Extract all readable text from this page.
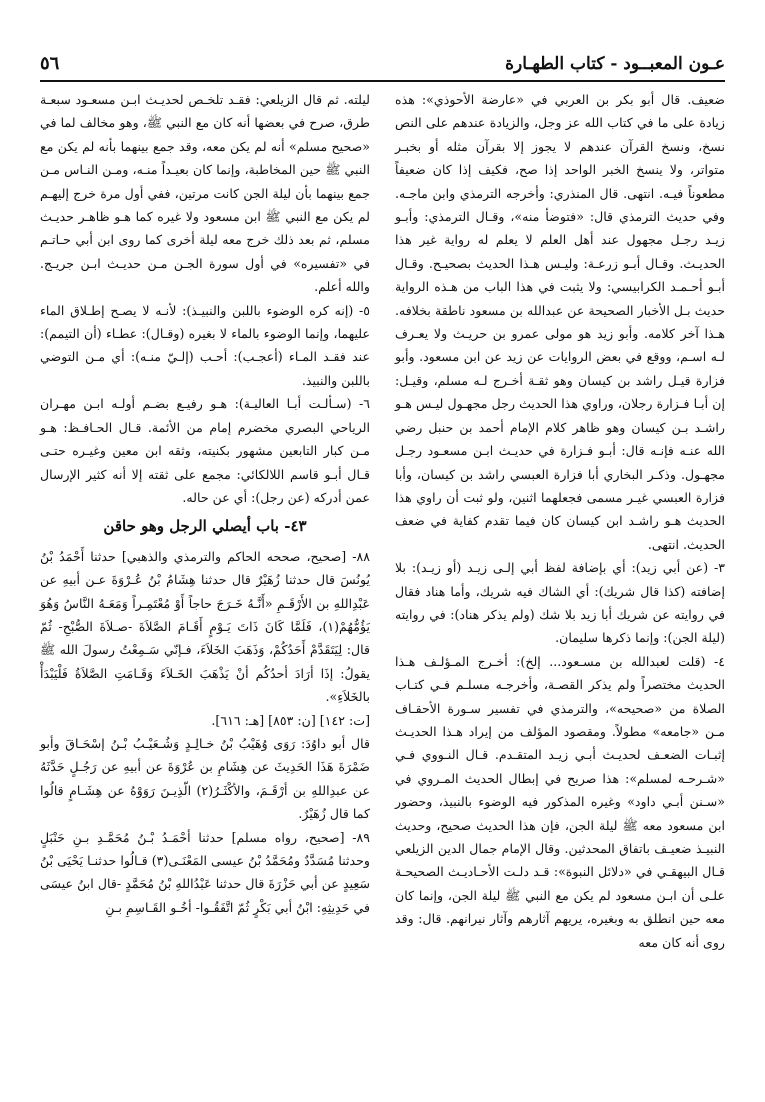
عـون المعبــود - كتاب الطهـارة
٥٦

ضعيف. قال أبو بكر بن العربي في «عارضة الأحوذي»: هذه زيادة على ما في كتاب الله عز وجل، والزيادة عندهم على النص نسخ، ونسخ القرآن عندهم لا يجوز إلا بقرآن مثله أو بخبـر متواتر، ولا ينسخ الخبر الواحد إذا صح، فكيف إذا كان ضعيفاً مطعوناً فيـه. انتهى. قال المنذري: وأخرجه الترمذي وابن ماجـه. وفي حديث الترمذي قال: «فتوضأ منه»، وقـال الترمذي: وأبـو زيـد رجـل مجهول عند أهل العلم لا يعلم له رواية غير هذا الحديـث. وقـال أبـو زرعـة: وليـس هـذا الحديث بصحيـح. وقـال أبـو أحـمـد الكرابيسي: ولا يثبت في هذا الباب من هـذه الرواية حديث بـل الأخبار الصحيحة عن عبدالله بن مسعود ناطقة بخلافه. هـذا آخر كلامه. وأبو زيد هو مولى عمرو بن حريـث ولا يعـرف لـه اسـم، ووقع في بعض الروايات عن زيد عن ابن مسعود. وأبو فزارة قيـل راشد بن كيسان وهو ثقـة أخـرج لـه مسلم، وقيـل: إن أبـا فـزارة رجلان، وراوي هذا الحديث رجل مجهـول ليـس هـو راشـد بـن كيسان وهو ظاهر كلام الإمام أحمد بن حنبل رضي الله عنـه فإنـه قال: أبـو فـزارة في حديـث ابـن مسعـود رجـل مجهـول. وذكـر البخاري أبا فزارة العبسي راشد بن كيسان، وأبا فزارة العبسي غيـر مسمى فجعلهما اثنين، ولو ثبت أن راوي هذا الحديث هـو راشـد ابن كيسان كان فيما تقدم كفاية في ضعف الحديث. انتهى.

٣- (عن أبي زيد): أي بإضافة لفظ أبي إلـى زيـد (أو زيـد): بلا إضافته (كذا قال شريك): أي الشاك فيه شريك، وأما هناد فقال في روايته عن شريك أبا زيد بلا شك (ولم يذكر هناد): في روايته (ليلة الجن): وإنما ذكرها سليمان.

٤- (قلت لعبدالله بن مسـعود... إلخ): أخـرج المـؤلـف هـذا الحديث مختصراً ولم يذكر القصـة، وأخرجـه مسلـم فـي كتـاب الصلاة من «صحيحه»، والترمذي في تفسير سـورة الأحقـاف مـن «جامعه» مطولاً. ومقصود المؤلف من إيراد هـذا الحديـث إثبـات الضعـف لحديـث أبـي زيـد المتقـدم. قـال النـووي فـي «شـرحـه لمسلم»: هذا صريح في إبطال الحديث المـروي في «سـنن أبـي داود» وغيره المذكور فيه الوضوء بالنبيذ، وحضور ابن مسعود معه ﷺ ليلة الجن، فإن هذا الحديث صحيح، وحديث النبيـذ ضعيـف باتفاق المحدثين. وقال الإمام جمال الدين الزيلعي قـال البيهقـي في «دلائل النبوة»: قـد دلـت الأحـاديـث الصحيحـة علـى أن ابـن مسعود لم يكن مع النبي ﷺ ليلة الجن، وإنما كان معه حين انطلق به وبغيره، يريهم آثارهم وآثار نيرانهم. قال: وقد روى أنه كان معه

ليلته. ثم قال الزيلعي: فقـد تلخـص لحديـث ابـن مسعـود سبعـة طرق، صرح في بعضها أنه كان مع النبي ﷺ، وهو مخالف لما في «صحيح مسلم» أنه لم يكن معه، وقد جمع بينهما بأنه لم يكن مع النبي ﷺ حين المخاطبة، وإنما كان بعيـداً منـه، ومـن النـاس مـن جمع بينهما بأن ليلة الجن كانت مرتين، ففي أول مرة خرج إليهـم لم يكن مع النبي ﷺ ابن مسعود ولا غيره كما هـو ظاهـر حديـث مسلم، ثم بعد ذلك خرج معه ليلة أخرى كما روى ابن أبي حـاتـم في «تفسيره» في أول سورة الجـن مـن حديـث ابـن جريـج. والله أعلم.

٥- (إنه كره الوضوء باللبن والنبيـذ): لأنـه لا يصـح إطـلاق الماء عليهما، وإنما الوضوء بالماء لا بغيره (وقـال): عطـاء (أن التيمم): عند فقـد المـاء (أعجـب): أحـب (إلـيّ منـه): أي مـن التوضي باللبن والنبيذ.

٦- (سـألـت أبـا العاليـة): هـو رفيـع بضـم أولـه ابـن مهـران الرياحي البصري مخضرم إمام من الأئمة. قـال الحـافـظ: هـو مـن كبار التابعين مشهور بكنيته، وثقه ابن معين وغيـره حتـى قـال أبـو قاسم اللالكائي: مجمع على ثقته إلا أنه كثير الإرسال عمن أدركه (عن رجل): أي عن حاله.

٤٣- باب أيصلي الرجل وهو حاقن

٨٨- [صحيح، صححه الحاكم والترمذي والذهبي] حدثنا أَحْمَدُ بْنُ يُونُسَ قال حدثنا زُهَيْرٌ قال حدثنا هِشَامُ بْنُ عُـرْوَةَ عـن أبيهِ عن عَبْدِاللهِ بن الأَرْقَـمِ «أَنَّـهُ خَـرَجَ حاجاً أَوْ مُعْتَمِـراً وَمَعَـهُ النَّاسُ وَهُوَ يَؤُمُّهُمْ(١)، فَلَمَّا كَانَ ذَاتَ يَـوْمٍ أَقَـامَ الصَّلاَةَ -صـلاَةَ الصُّبْحِ- ثُمّ قال: لِيَتَقَدَّمْ أَحَدُكُمْ، وَذَهَبَ الخَلاَءَ، فـإنّي سَـمِعْتُ رسولَ الله ﷺ يقولُ: إذَا أرَادَ أحدُكُم أنْ يَذْهَبَ الخَـلاَءَ وَقَـامَتِ الصَّلاَةُ فَلْيَبْدَأْ بالخَلاَءِ».

[ت: ١٤٢] [ن: ٨٥٣] [هـ: ٦١٦].

قال أبو داوُدَ: رَوَى وُهَيْبُ بْنُ خـالِـدٍ وَشُـعَيْـبُ بْـنُ إسْحَـاقَ وأبو ضَمْرَةَ هَذَا الحَدِيثَ عن هِشَامِ بن عُرْوَةَ عن أبيهِ عن رَجُـلٍ حَدَّثَهُ عن عبدِاللهِ بن أرْقَـمَ، والأكْثَـرُ(٢) الّذِيـنَ رَوَوْهُ عن هِشَـامٍ قالُوا كما قال زُهَيْرٌ.

٨٩- [صحيح، رواه مسلم] حدثنا أحْمَـدُ بْـنُ مُحَمَّـدِ بـنِ حَنْبَلٍ وحدثنا مُسَدَّدٌ ومُحَمَّدُ بْنُ عيسى المَعْنَـى(٣) قـالُوا حدثنـا يَحْيَى بْنُ سَعِيدٍ عن أبي حَزْرَةَ قال حدثنا عَبْدُاللهِ بْنُ مُحَمَّدٍ -قال ابنُ عيسَى في حَدِيثِهِ: ابْنُ أبي بَكْرٍ ثُمّ اتَّفَقُـوا- أخُـو القَـاسِمِ بـنِ
